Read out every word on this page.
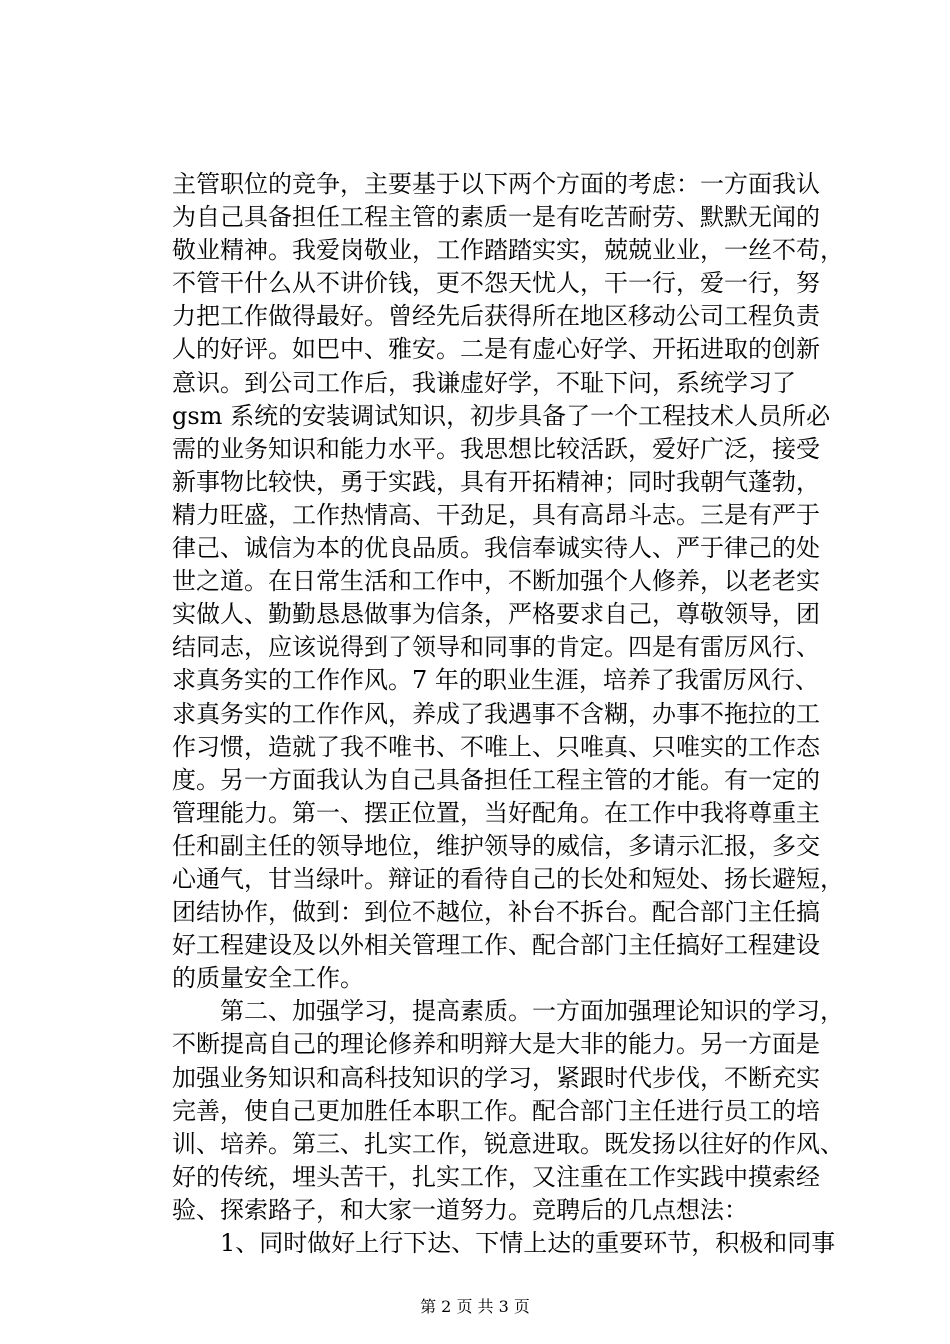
主管职位的竞争，主要基于以下两个方面的考虑：一方面我认
为自己具备担任工程主管的素质一是有吃苦耐劳、默默无闻的
敬业精神。我爱岗敬业，工作踏踏实实，兢兢业业，一丝不苟，
不管干什么从不讲价钱，更不怨天忧人，干一行，爱一行，努
力把工作做得最好。曾经先后获得所在地区移动公司工程负责
人的好评。如巴中、雅安。二是有虚心好学、开拓进取的创新
意识。到公司工作后，我谦虚好学，不耻下问，系统学习了
gsm 系统的安装调试知识，初步具备了一个工程技术人员所必
需的业务知识和能力水平。我思想比较活跃，爱好广泛，接受
新事物比较快，勇于实践，具有开拓精神；同时我朝气蓬勃，
精力旺盛，工作热情高、干劲足，具有高昂斗志。三是有严于
律己、诚信为本的优良品质。我信奉诚实待人、严于律己的处
世之道。在日常生活和工作中，不断加强个人修养，以老老实
实做人、勤勤恳恳做事为信条，严格要求自己，尊敬领导，团
结同志，应该说得到了领导和同事的肯定。四是有雷厉风行、
求真务实的工作作风。7 年的职业生涯，培养了我雷厉风行、
求真务实的工作作风，养成了我遇事不含糊，办事不拖拉的工
作习惯，造就了我不唯书、不唯上、只唯真、只唯实的工作态
度。另一方面我认为自己具备担任工程主管的才能。有一定的
管理能力。第一、摆正位置，当好配角。在工作中我将尊重主
任和副主任的领导地位，维护领导的威信，多请示汇报，多交
心通气，甘当绿叶。辩证的看待自己的长处和短处、扬长避短，
团结协作，做到：到位不越位，补台不拆台。配合部门主任搞
好工程建设及以外相关管理工作、配合部门主任搞好工程建设
的质量安全工作。
　　第二、加强学习，提高素质。一方面加强理论知识的学习，
不断提高自己的理论修养和明辩大是大非的能力。另一方面是
加强业务知识和高科技知识的学习，紧跟时代步伐，不断充实
完善，使自己更加胜任本职工作。配合部门主任进行员工的培
训、培养。第三、扎实工作，锐意进取。既发扬以往好的作风、
好的传统，埋头苦干，扎实工作，又注重在工作实践中摸索经
验、探索路子，和大家一道努力。竞聘后的几点想法：
　　1、同时做好上行下达、下情上达的重要环节，积极和同事
第 2 页 共 3 页
